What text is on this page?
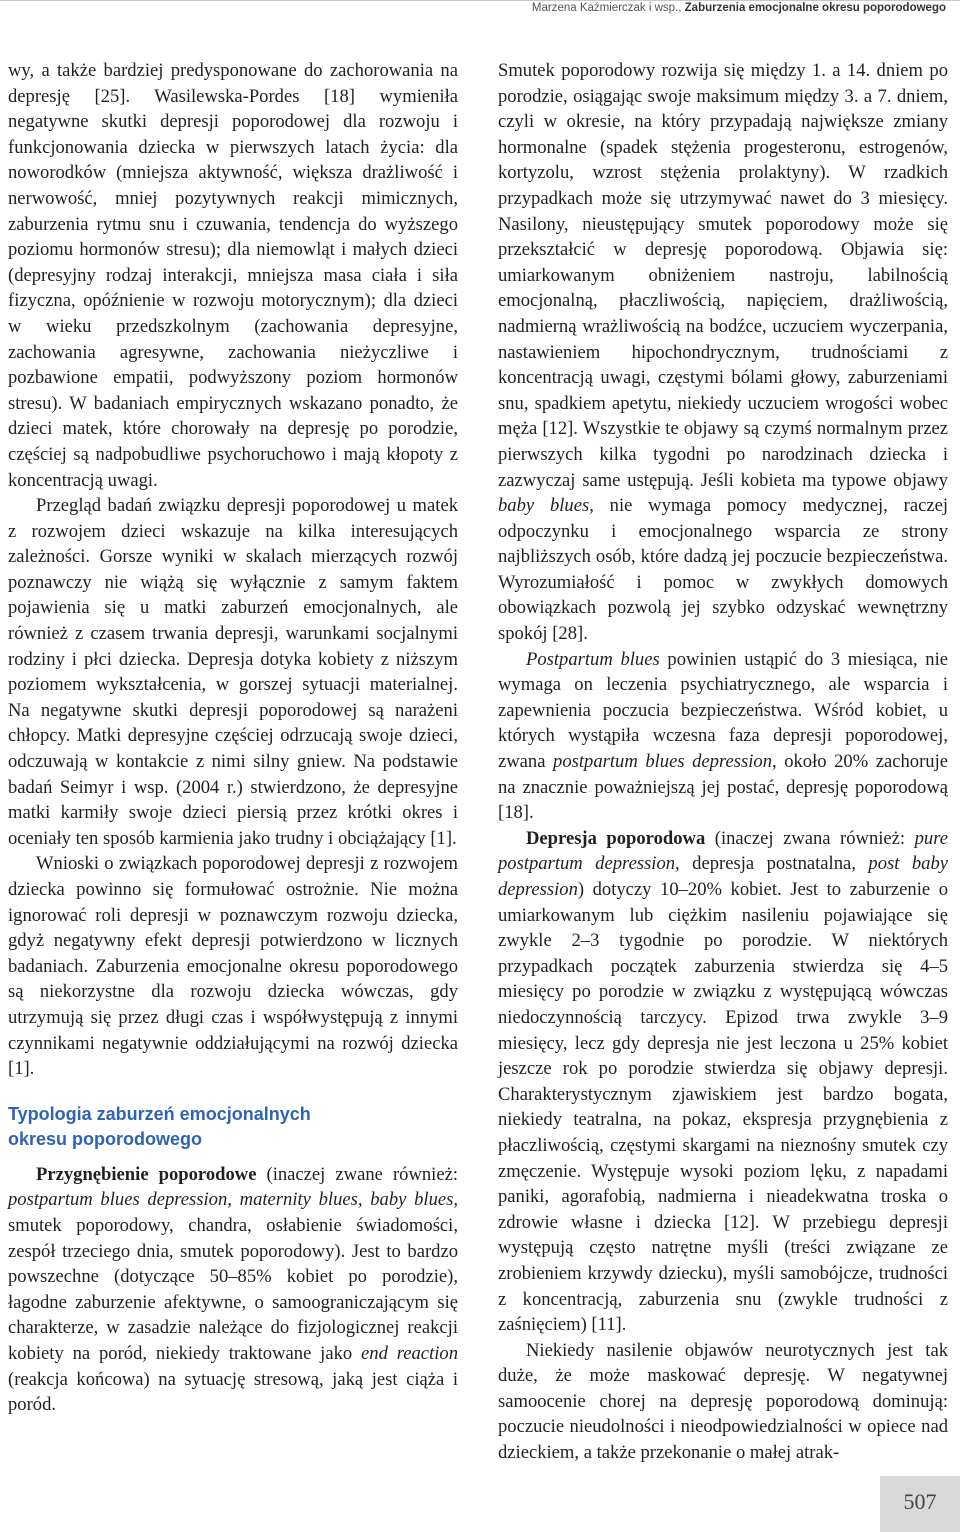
Marzena Kaźmierczak i wsp., Zaburzenia emocjonalne okresu poporodowego

wy, a także bardziej predysponowane do zachorowania na depresję [25]. Wasilewska-Pordes [18] wymieniła negatywne skutki depresji poporodowej dla rozwoju i funkcjonowania dziecka w pierwszych latach życia: dla noworodków (mniejsza aktywność, większa drażliwość i nerwowość, mniej pozytywnych reakcji mimicznych, zaburzenia rytmu snu i czuwania, tendencja do wyższego poziomu hormonów stresu); dla niemowląt i małych dzieci (depresyjny rodzaj interakcji, mniejsza masa ciała i siła fizyczna, opóźnienie w rozwoju motorycznym); dla dzieci w wieku przedszkolnym (zachowania depresyjne, zachowania agresywne, zachowania nieżyczliwe i pozbawione empatii, podwyższony poziom hormonów stresu). W badaniach empirycznych wskazano ponadto, że dzieci matek, które chorowały na depresję po porodzie, częściej są nadpobudliwe psychoruchowo i mają kłopoty z koncentracją uwagi.

Przegląd badań związku depresji poporodowej u matek z rozwojem dzieci wskazuje na kilka interesujących zależności. Gorsze wyniki w skalach mierzących rozwój poznawczy nie wiążą się wyłącznie z samym faktem pojawienia się u matki zaburzeń emocjonalnych, ale również z czasem trwania depresji, warunkami socjalnymi rodziny i płci dziecka. Depresja dotyka kobiety z niższym poziomem wykształcenia, w gorszej sytuacji materialnej. Na negatywne skutki depresji poporodowej są narażeni chłopcy. Matki depresyjne częściej odrzucają swoje dzieci, odczuwają w kontakcie z nimi silny gniew. Na podstawie badań Seimyr i wsp. (2004 r.) stwierdzono, że depresyjne matki karmiły swoje dzieci piersią przez krótki okres i oceniały ten sposób karmienia jako trudny i obciążający [1].

Wnioski o związkach poporodowej depresji z rozwojem dziecka powinno się formułować ostrożnie. Nie można ignorować roli depresji w poznawczym rozwoju dziecka, gdyż negatywny efekt depresji potwierdzono w licznych badaniach. Zaburzenia emocjonalne okresu poporodowego są niekorzystne dla rozwoju dziecka wówczas, gdy utrzymują się przez długi czas i współwystępują z innymi czynnikami negatywnie oddziałującymi na rozwój dziecka [1].

Typologia zaburzeń emocjonalnych
okresu poporodowego

Przygnębienie poporodowe (inaczej zwane również: postpartum blues depression, maternity blues, baby blues, smutek poporodowy, chandra, osłabienie świadomości, zespół trzeciego dnia, smutek poporodowy). Jest to bardzo powszechne (dotyczące 50–85% kobiet po porodzie), łagodne zaburzenie afektywne, o samoograniczającym się charakterze, w zasadzie należące do fizjologicznej reakcji kobiety na poród, niekiedy traktowane jako end reaction (reakcja końcowa) na sytuację stresową, jaką jest ciąża i poród.

Smutek poporodowy rozwija się między 1. a 14. dniem po porodzie, osiągając swoje maksimum między 3. a 7. dniem, czyli w okresie, na który przypadają największe zmiany hormonalne (spadek stężenia progesteronu, estrogenów, kortyzolu, wzrost stężenia prolaktyny). W rzadkich przypadkach może się utrzymywać nawet do 3 miesięcy. Nasilony, nieustępujący smutek poporodowy może się przekształcić w depresję poporodową. Objawia się: umiarkowanym obniżeniem nastroju, labilnością emocjonalną, płaczliwością, napięciem, drażliwością, nadmierną wrażliwością na bodźce, uczuciem wyczerpania, nastawieniem hipochondrycznym, trudnościami z koncentracją uwagi, częstymi bólami głowy, zaburzeniami snu, spadkiem apetytu, niekiedy uczuciem wrogości wobec męża [12]. Wszystkie te objawy są czymś normalnym przez pierwszych kilka tygodni po narodzinach dziecka i zazwyczaj same ustępują. Jeśli kobieta ma typowe objawy baby blues, nie wymaga pomocy medycznej, raczej odpoczynku i emocjonalnego wsparcia ze strony najbliższych osób, które dadzą jej poczucie bezpieczeństwa. Wyrozumiałość i pomoc w zwykłych domowych obowiązkach pozwolą jej szybko odzyskać wewnętrzny spokój [28].

Postpartum blues powinien ustąpić do 3 miesiąca, nie wymaga on leczenia psychiatrycznego, ale wsparcia i zapewnienia poczucia bezpieczeństwa. Wśród kobiet, u których wystąpiła wczesna faza depresji poporodowej, zwana postpartum blues depression, około 20% zachoruje na znacznie poważniejszą jej postać, depresję poporodową [18].

Depresja poporodowa (inaczej zwana również: pure postpartum depression, depresja postnatalna, post baby depression) dotyczy 10–20% kobiet. Jest to zaburzenie o umiarkowanym lub ciężkim nasileniu pojawiające się zwykle 2–3 tygodnie po porodzie. W niektórych przypadkach początek zaburzenia stwierdza się 4–5 miesięcy po porodzie w związku z występującą wówczas niedoczynnością tarczycy. Epizod trwa zwykle 3–9 miesięcy, lecz gdy depresja nie jest leczona u 25% kobiet jeszcze rok po porodzie stwierdza się objawy depresji. Charakterystycznym zjawiskiem jest bardzo bogata, niekiedy teatralna, na pokaz, ekspresja przygnębienia z płaczliwością, częstymi skargami na nieznośny smutek czy zmęczenie. Występuje wysoki poziom lęku, z napadami paniki, agorafobią, nadmierna i nieadekwatna troska o zdrowie własne i dziecka [12]. W przebiegu depresji występują często natrętne myśli (treści związane ze zrobieniem krzywdy dziecku), myśli samobójcze, trudności z koncentracją, zaburzenia snu (zwykle trudności z zaśnięciem) [11].

Niekiedy nasilenie objawów neurotycznych jest tak duże, że może maskować depresję. W negatywnej samoocenie chorej na depresję poporodową dominują: poczucie nieudolności i nieodpowiedzialności w opiece nad dzieckiem, a także przekonanie o małej atrak-

507
